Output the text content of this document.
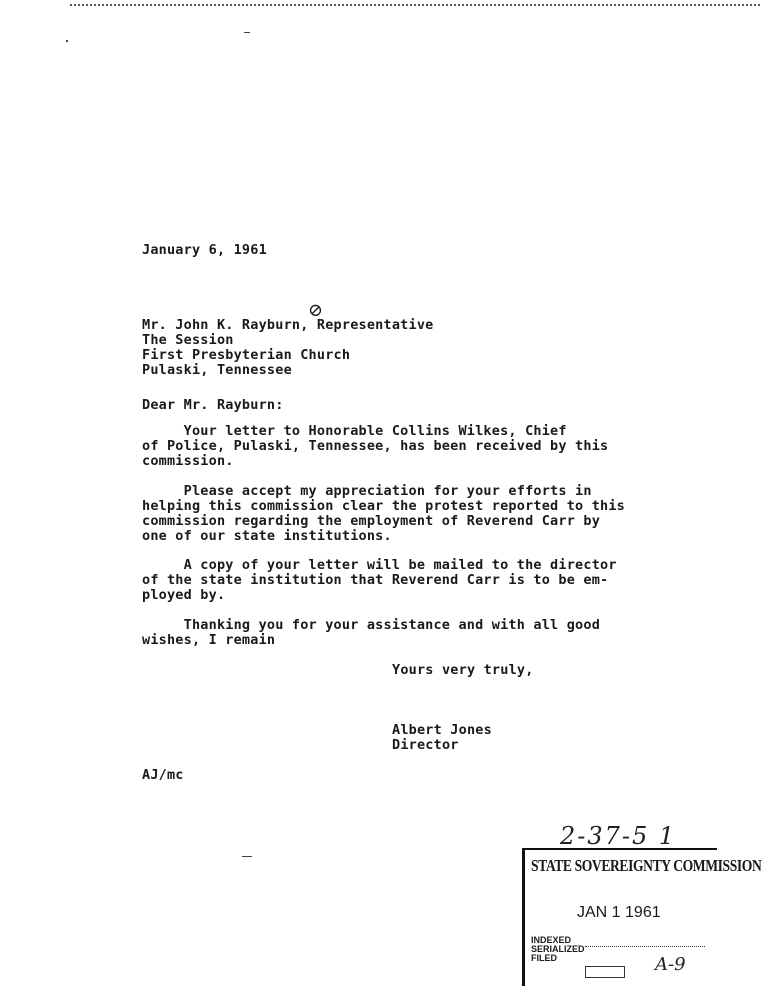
January 6, 1961
Mr. John K. Rayburn, Representative
The Session
First Presbyterian Church
Pulaski, Tennessee
⊘
Dear Mr. Rayburn:
Your letter to Honorable Collins Wilkes, Chief
of Police, Pulaski, Tennessee, has been received by this
commission.
Please accept my appreciation for your efforts in
helping this commission clear the protest reported to this
commission regarding the employment of Reverend Carr by
one of our state institutions.
A copy of your letter will be mailed to the director
of the state institution that Reverend Carr is to be em-
ployed by.
Thanking you for your assistance and with all good
wishes, I remain
Yours very truly,
Albert Jones
Director
AJ/mc
2-37-5 1
STATE SOVEREIGNTY COMMISSION
JAN 1 1961
INDEXED
SERIALIZED
FILED	A-9
